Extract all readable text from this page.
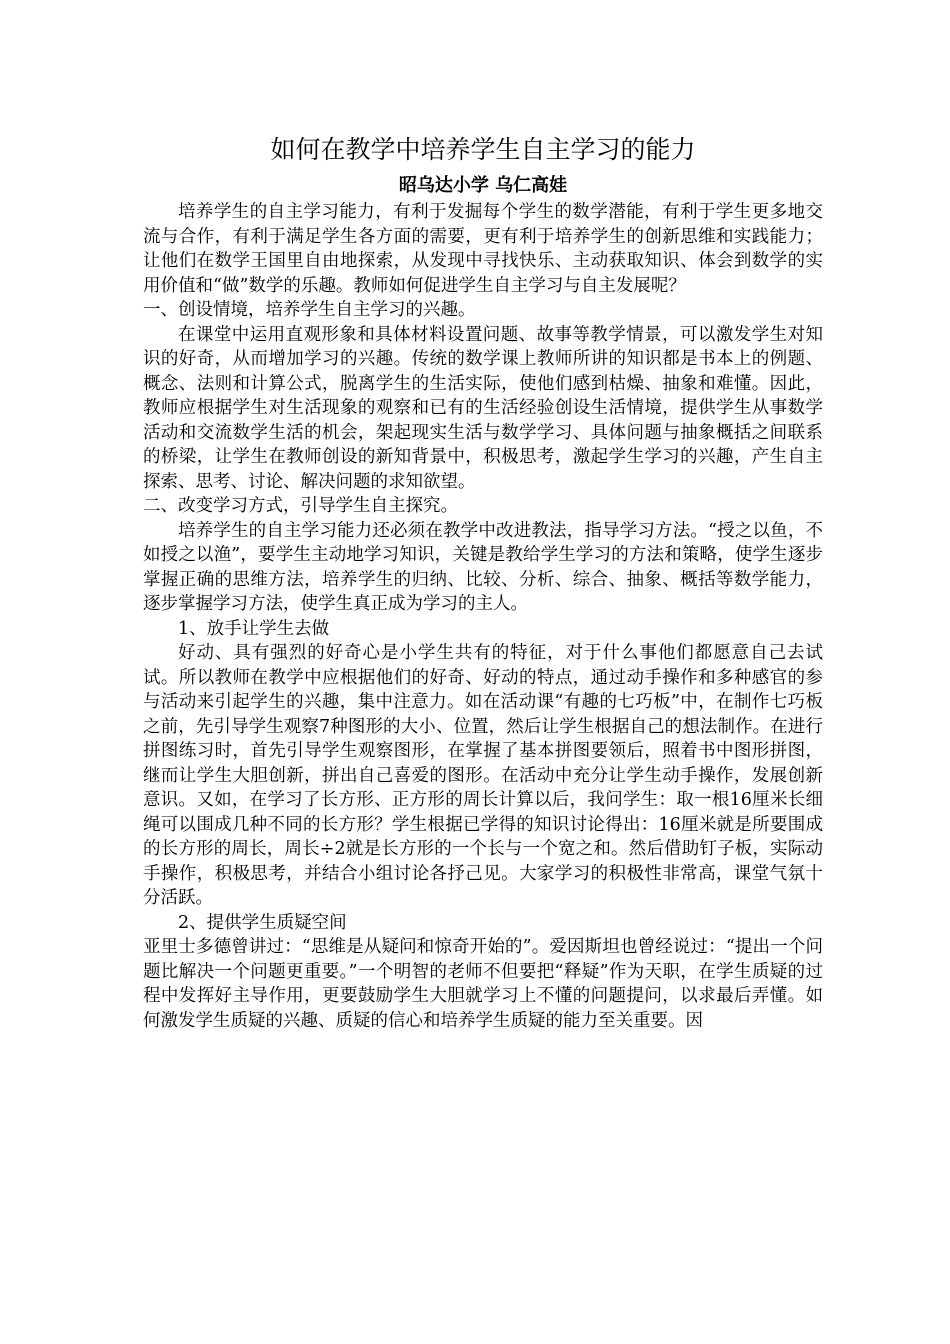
如何在教学中培养学生自主学习的能力
昭乌达小学 乌仁高娃

培养学生的自主学习能力，有利于发掘每个学生的数学潜能，有利于学生更多地交流与合作，有利于满足学生各方面的需要，更有利于培养学生的创新思维和实践能力；让他们在数学王国里自由地探索，从发现中寻找快乐、主动获取知识、体会到数学的实用价值和“做”数学的乐趣。教师如何促进学生自主学习与自主发展呢？

一、创设情境，培养学生自主学习的兴趣。

在课堂中运用直观形象和具体材料设置问题、故事等教学情景，可以激发学生对知识的好奇，从而增加学习的兴趣。传统的数学课上教师所讲的知识都是书本上的例题、概念、法则和计算公式，脱离学生的生活实际，使他们感到枯燥、抽象和难懂。因此，教师应根据学生对生活现象的观察和已有的生活经验创设生活情境，提供学生从事数学活动和交流数学生活的机会，架起现实生活与数学学习、具体问题与抽象概括之间联系的桥梁，让学生在教师创设的新知背景中，积极思考，激起学生学习的兴趣，产生自主探索、思考、讨论、解决问题的求知欲望。

二、改变学习方式，引导学生自主探究。

培养学生的自主学习能力还必须在教学中改进教法，指导学习方法。“授之以鱼，不如授之以渔”，要学生主动地学习知识，关键是教给学生学习的方法和策略，使学生逐步掌握正确的思维方法，培养学生的归纳、比较、分析、综合、抽象、概括等数学能力，逐步掌握学习方法，使学生真正成为学习的主人。

1、放手让学生去做

好动、具有强烈的好奇心是小学生共有的特征，对于什么事他们都愿意自己去试试。所以教师在教学中应根据他们的好奇、好动的特点，通过动手操作和多种感官的参与活动来引起学生的兴趣，集中注意力。如在活动课“有趣的七巧板”中，在制作七巧板之前，先引导学生观察7种图形的大小、位置，然后让学生根据自己的想法制作。在进行拼图练习时，首先引导学生观察图形，在掌握了基本拼图要领后，照着书中图形拼图，继而让学生大胆创新，拼出自己喜爱的图形。在活动中充分让学生动手操作，发展创新意识。又如，在学习了长方形、正方形的周长计算以后，我问学生：取一根16厘米长细绳可以围成几种不同的长方形？学生根据已学得的知识讨论得出：16厘米就是所要围成的长方形的周长，周长÷2就是长方形的一个长与一个宽之和。然后借助钉子板，实际动手操作，积极思考，并结合小组讨论各抒己见。大家学习的积极性非常高，课堂气氛十分活跃。

2、提供学生质疑空间

亚里士多德曾讲过：“思维是从疑问和惊奇开始的”。爱因斯坦也曾经说过：“提出一个问题比解决一个问题更重要。”一个明智的老师不但要把“释疑”作为天职，在学生质疑的过程中发挥好主导作用，更要鼓励学生大胆就学习上不懂的问题提问，以求最后弄懂。如何激发学生质疑的兴趣、质疑的信心和培养学生质疑的能力至关重要。因
